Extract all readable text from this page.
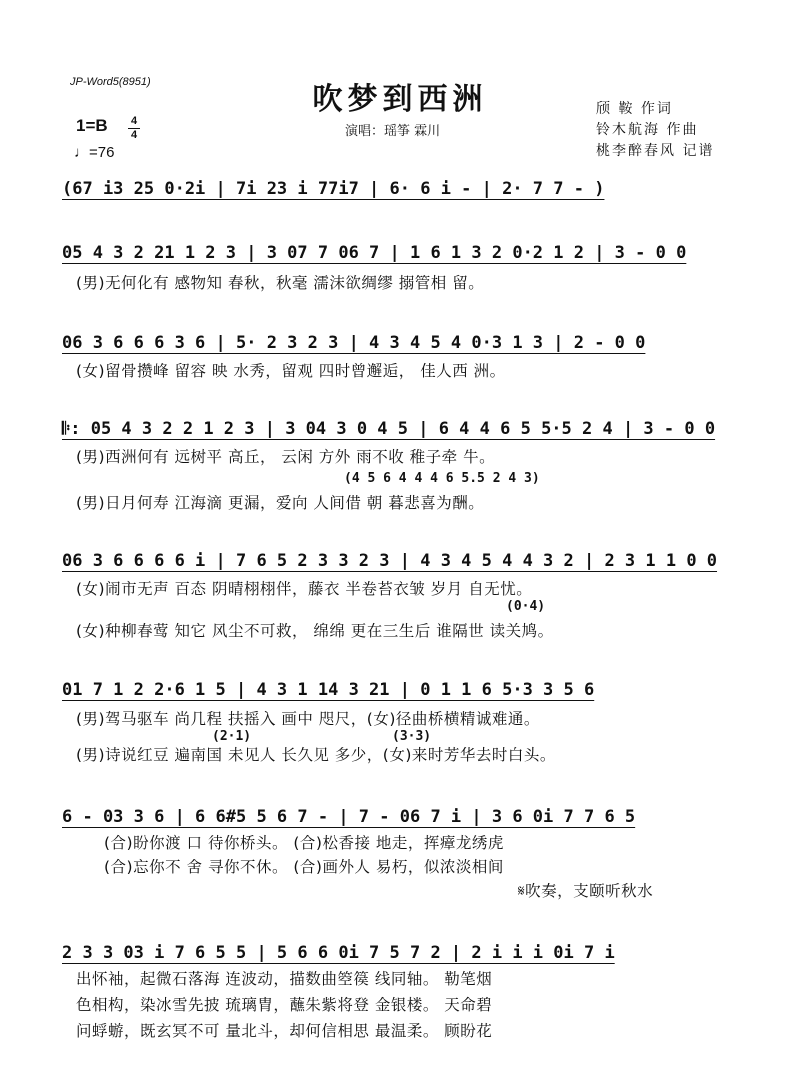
JP-Word5(8951)	吹梦到西洲
演唱：瑶筝 霖川
颀 鞍 作词
铃木航海 作曲
桃李醉春风 记谱
1=B 4
4
♩=76
(67 i3 25 0·2i | 7i 23 i 77i7 | 6· 6 i - | 2· 7 7 - )
05 4 3 2 21 1 2 3 | 3 07 7 06 7 | 1 6 1 3 2 0·2 1 2 | 3 - 0 0
(男)无何化有 感物知 春秋，秋毫 濡沫欲绸缪 搦管相 留。
06 3 6 6 6 3 6 | 5· 2 3 2 3 | 4 3 4 5 4 0·3 1 3 | 2 - 0 0
(女)留骨攒峰 留容 映 水秀，留观 四时曾邂逅， 佳人西 洲。
𝄆: 05 4 3 2 2 1 2 3 | 3 04 3 0 4 5 | 6 4 4 6 5 5·5 2 4 | 3 - 0 0
(男)西洲何有 远树平 高丘， 云闲 方外 雨不收 稚子牵 牛。
(4 5 6 4 4 4 6 5.5 2 4 3)
(男)日月何寿 江海滴 更漏，爱向 人间借 朝 暮悲喜为酬。
06 3 6 6 6 6 i | 7 6 5 2 3 3 2 3 | 4 3 4 5 4 4 3 2 | 2 3 1 1 0 0
(女)闹市无声 百态 阴晴栩栩伴，藤衣 半卷苔衣皱 岁月 自无忧。
(0·4)
(女)种柳春莺 知它 风尘不可救， 绵绵 更在三生后 谁隔世 读关鸠。
01 7 1 2 2·6 1 5 | 4 3 1 14 3 21 | 0 1 1 6 5·3 3 5 6
(男)驾马驱车 尚几程 扶摇入 画中 咫尺，(女)径曲桥横精诚难通。
(2·1)	(3·3)
(男)诗说红豆 遍南国 未见人 长久见 多少，(女)来时芳华去时白头。
6 - 03 3 6 | 6 6#5 5 6 7 - | 7 - 06 7 i | 3 6 0i 7 7 6 5
(合)盼你渡 口 待你桥头。 (合)松香接 地走，挥瘴龙绣虎
(合)忘你不 舍 寻你不休。 (合)画外人 易朽，似浓淡相间
𝄋吹奏，支颐听秋水
2 3 3 03 i 7 6 5 5 | 5 6 6 0i 7 5 7 2 | 2 i i i 0i 7 i
出怀袖，起微石落海 连波动，描数曲箜篌 线同轴。 勒笔烟
色相构，染冰雪先披 琉璃胄，蘸朱紫将登 金银楼。 天命碧
问蜉蝣，既玄冥不可 量北斗，却何信相思 最温柔。 顾盼花
